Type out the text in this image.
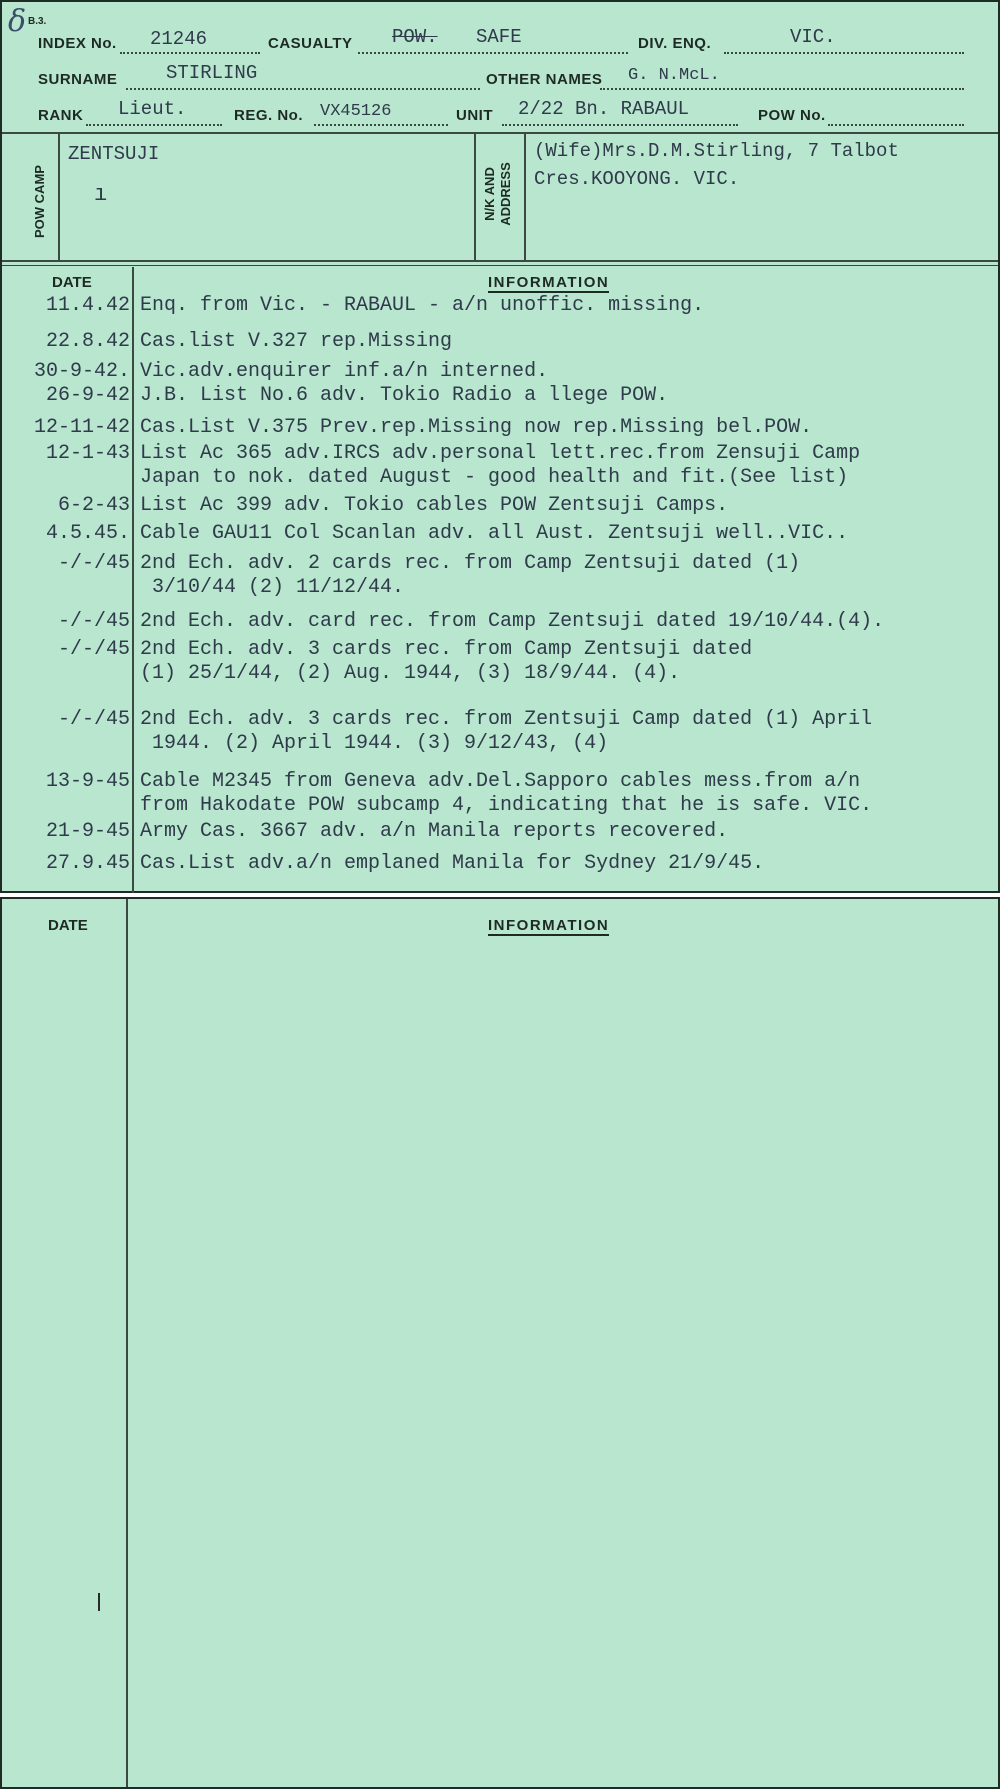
B.3.
δ
INDEX No. 21246	CASUALTY POW. SAFE	DIV. ENQ.	VIC.
SURNAME	STIRLING	OTHER NAMES G. N.McL.
RANK Lieut.	REG. No. VX45126	UNIT 2/22 Bn. RABAUL	POW No.
POW CAMP
ZENTSUJI
ı	N/K AND ADDRESS
(Wife)Mrs.D.M.Stirling, 7 Talbot
Cres.KOOYONG. VIC.
DATE	INFORMATION
11.4.42 Enq. from Vic. - RABAUL - a/n unoffic. missing.
22.8.42 Cas.list V.327 rep.Missing
30-9-42. Vic.adv.enquirer inf.a/n interned.
26-9-42 J.B. List No.6 adv. Tokio Radio a llege POW.
12-11-42 Cas.List V.375 Prev.rep.Missing now rep.Missing bel.POW.
12-1-43 List Ac 365 adv.IRCS adv.personal lett.rec.from Zensuji Camp
Japan to nok. dated August - good health and fit.(See list)
6-2-43 List Ac 399 adv. Tokio cables POW Zentsuji Camps.
4.5.45. Cable GAU11 Col Scanlan adv. all Aust. Zentsuji well..VIC..
-/-/45 2nd Ech. adv. 2 cards rec. from Camp Zentsuji dated (1)
3/10/44 (2) 11/12/44.
-/-/45 2nd Ech. adv. card rec. from Camp Zentsuji dated 19/10/44.(4).
-/-/45 2nd Ech. adv. 3 cards rec. from Camp Zentsuji dated
(1) 25/1/44, (2) Aug. 1944, (3) 18/9/44. (4).
-/-/45 2nd Ech. adv. 3 cards rec. from Zentsuji Camp dated (1) April
1944. (2) April 1944. (3) 9/12/43, (4)
13-9-45 Cable M2345 from Geneva adv.Del.Sapporo cables mess.from a/n
from Hakodate POW subcamp 4, indicating that he is safe. VIC.
21-9-45 Army Cas. 3667 adv. a/n Manila reports recovered.
27.9.45 Cas.List adv.a/n emplaned Manila for Sydney 21/9/45.
DATE	INFORMATION
